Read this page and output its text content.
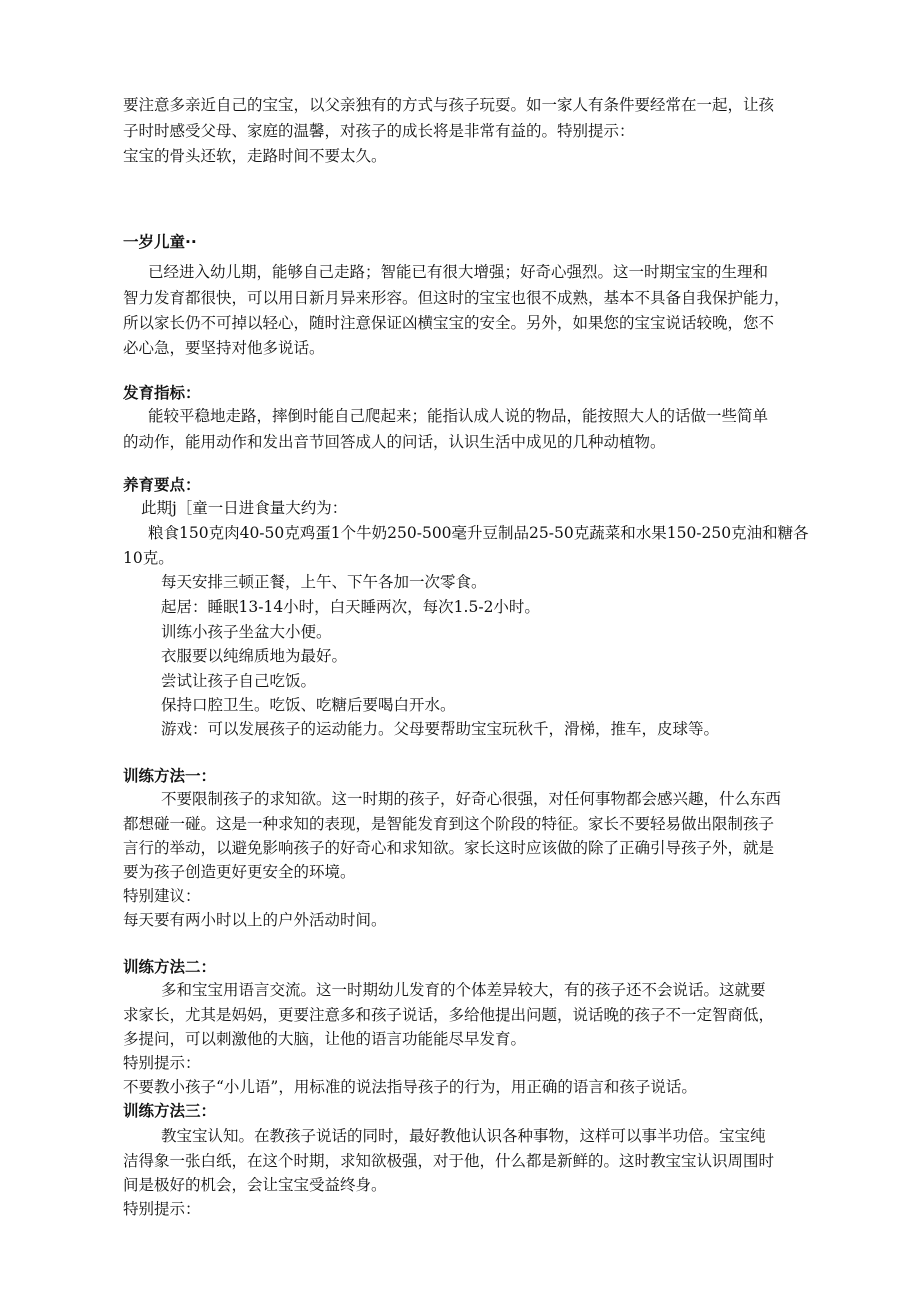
要注意多亲近自己的宝宝，以父亲独有的方式与孩子玩耍。如一家人有条件要经常在一起，让孩
子时时感受父母、家庭的温馨，对孩子的成长将是非常有益的。特别提示：
宝宝的骨头还软，走路时间不要太久。
一岁儿童··
已经进入幼儿期，能够自己走路；智能已有很大增强；好奇心强烈。这一时期宝宝的生理和
智力发育都很快，可以用日新月异来形容。但这时的宝宝也很不成熟，基本不具备自我保护能力，
所以家长仍不可掉以轻心，随时注意保证凶横宝宝的安全。另外，如果您的宝宝说话较晚，您不
必心急，要坚持对他多说话。
发育指标：
能较平稳地走路，摔倒时能自己爬起来；能指认成人说的物品，能按照大人的话做一些简单
的动作，能用动作和发出音节回答成人的问话，认识生活中成见的几种动植物。
养育要点：
此期j［童一日进食量大约为：
粮食150克肉40-50克鸡蛋1个牛奶250-500毫升豆制品25-50克蔬菜和水果150-250克油和糖各
10克。
每天安排三顿正餐，上午、下午各加一次零食。
起居：睡眠13-14小时，白天睡两次，每次1.5-2小时。
训练小孩子坐盆大小便。
衣服要以纯绵质地为最好。
尝试让孩子自己吃饭。
保持口腔卫生。吃饭、吃糖后要喝白开水。
游戏：可以发展孩子的运动能力。父母要帮助宝宝玩秋千，滑梯，推车，皮球等。
训练方法一：
不要限制孩子的求知欲。这一时期的孩子，好奇心很强，对任何事物都会感兴趣，什么东西
都想碰一碰。这是一种求知的表现，是智能发育到这个阶段的特征。家长不要轻易做出限制孩子
言行的举动，以避免影响孩子的好奇心和求知欲。家长这时应该做的除了正确引导孩子外，就是
要为孩子创造更好更安全的环境。
特别建议：
每天要有两小时以上的户外活动时间。
训练方法二：
多和宝宝用语言交流。这一时期幼儿发育的个体差异较大，有的孩子还不会说话。这就要
求家长，尤其是妈妈，更要注意多和孩子说话，多给他提出问题，说话晚的孩子不一定智商低，
多提问，可以刺激他的大脑，让他的语言功能能尽早发育。
特别提示：
不要教小孩子“小儿语”，用标准的说法指导孩子的行为，用正确的语言和孩子说话。
训练方法三：
教宝宝认知。在教孩子说话的同时，最好教他认识各种事物，这样可以事半功倍。宝宝纯
洁得象一张白纸，在这个时期，求知欲极强，对于他，什么都是新鲜的。这时教宝宝认识周围时
间是极好的机会，会让宝宝受益终身。
特别提示：
